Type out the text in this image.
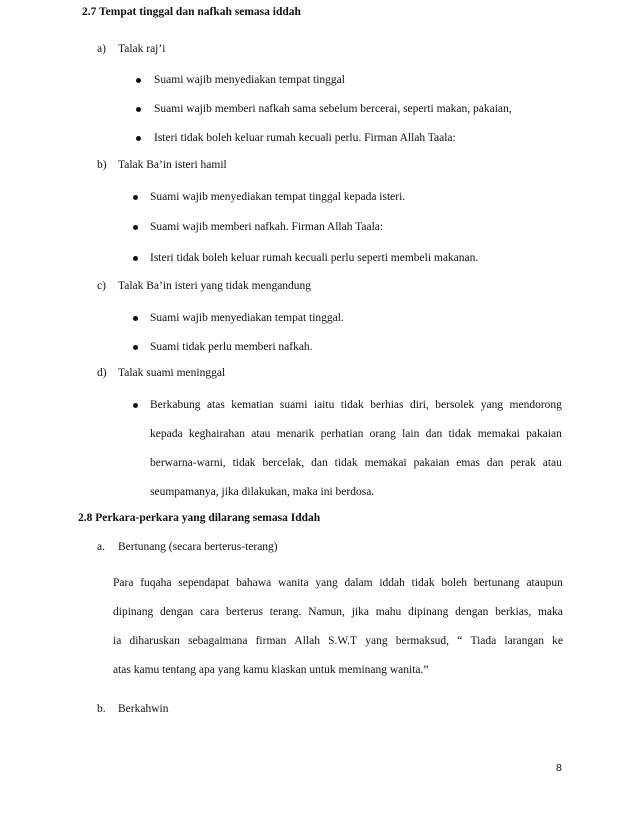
2.7 Tempat tinggal dan nafkah semasa iddah
a) Talak raj’i
Suami wajib menyediakan tempat tinggal
Suami wajib memberi nafkah sama sebelum bercerai, seperti makan, pakaian,
Isteri tidak boleh keluar rumah kecuali perlu. Firman Allah Taala:
b) Talak Ba’in isteri hamil
Suami wajib menyediakan tempat tinggal kepada isteri.
Suami wajib memberi nafkah. Firman Allah Taala:
Isteri tidak boleh keluar rumah kecuali perlu seperti membeli makanan.
c) Talak Ba’in isteri yang tidak mengandung
Suami wajib menyediakan tempat tinggal.
Suami tidak perlu memberi nafkah.
d) Talak suami meninggal
Berkabung atas kematian suami iaitu tidak berhias diri, bersolek yang mendorong
kepada keghairahan atau menarik perhatian orang lain dan tidak memakai pakaian
berwarna-warni, tidak bercelak, dan tidak memakai pakaian emas dan perak atau
seumpamanya, jika dilakukan, maka ini berdosa.
2.8 Perkara-perkara yang dilarang semasa Iddah
a. Bertunang (secara berterus-terang)
Para fuqaha sependapat bahawa wanita yang dalam iddah tidak boleh bertunang ataupun
dipinang dengan cara berterus terang. Namun, jika mahu dipinang dengan berkias, maka
ia diharuskan sebagaimana firman Allah S.W.T yang bermaksud, “ Tiada larangan ke
atas kamu tentang apa yang kamu kiaskan untuk meminang wanita.”
b. Berkahwin
8
